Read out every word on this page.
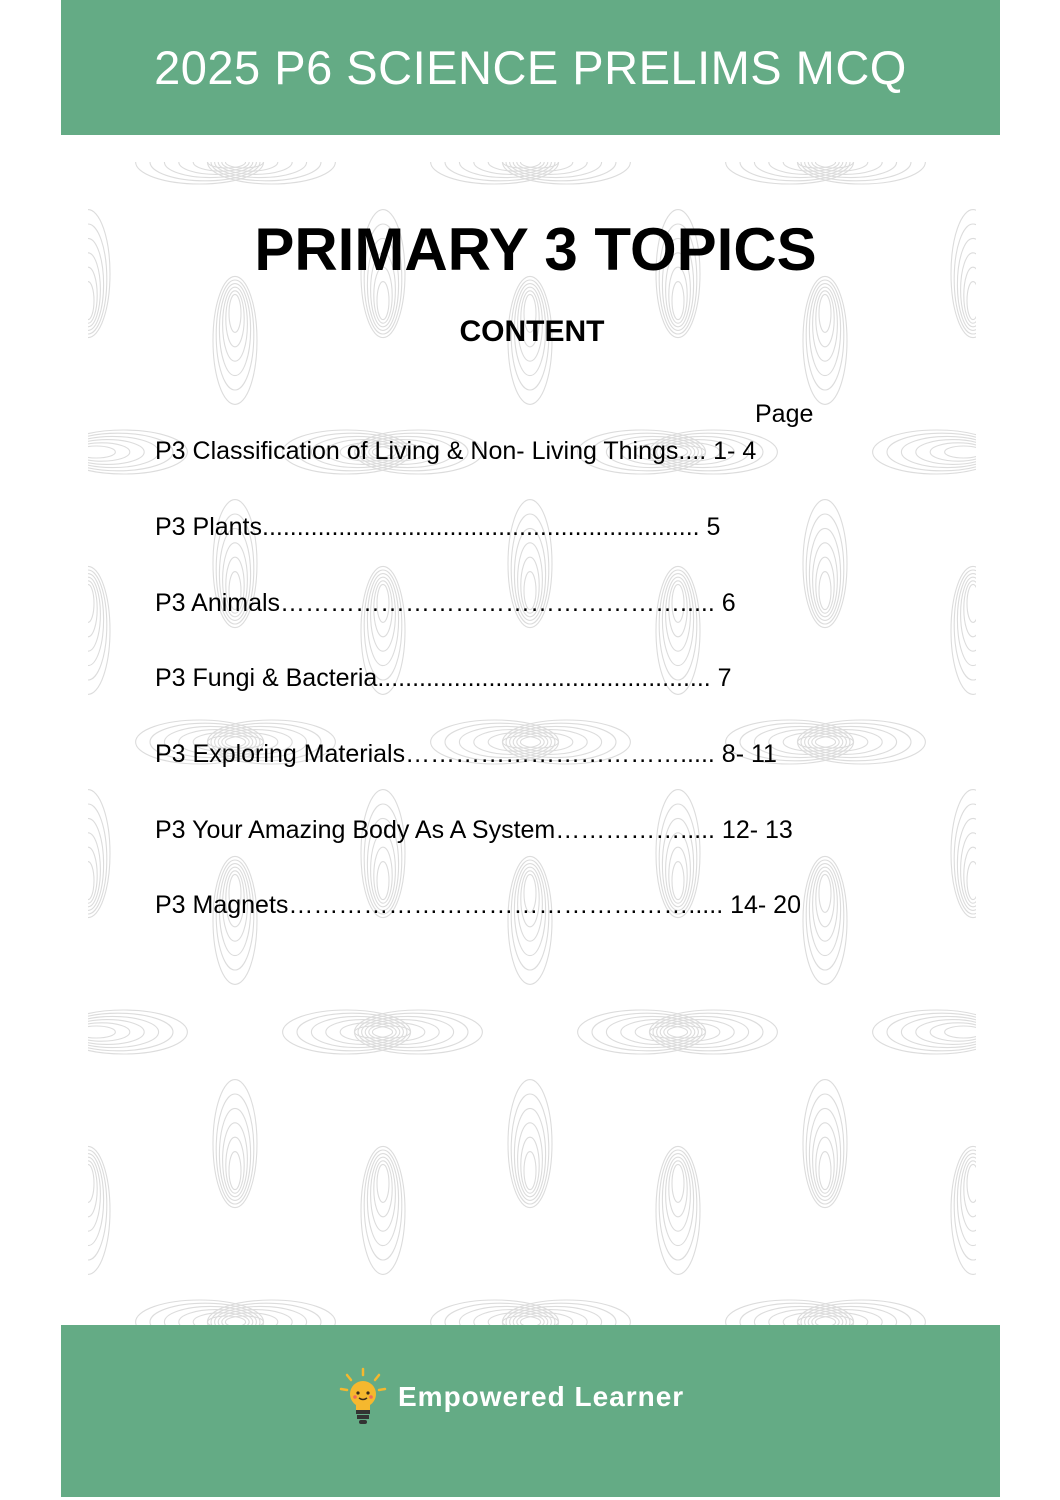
2025 P6 SCIENCE PRELIMS MCQ
PRIMARY 3 TOPICS
CONTENT
Page
P3 Classification of Living & Non- Living Things.... 1- 4
P3 Plants............................................................... 5
P3 Animals…………………………………………..... 6
P3 Fungi & Bacteria................................................ 7
P3 Exploring Materials……………………………..... 8- 11
P3 Your Amazing Body As A System……………..... 12- 13
P3 Magnets…………………………………………..... 14- 20
Empowered Learner
